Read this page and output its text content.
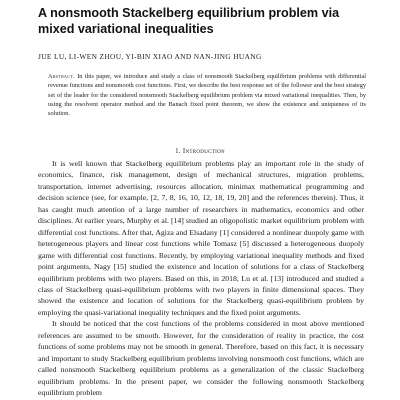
A nonsmooth Stackelberg equilibrium problem via mixed variational inequalities
JUE LU, LI-WEN ZHOU, YI-BIN XIAO AND NAN-JING HUANG
Abstract. In this paper, we introduce and study a class of nonsmooth Stackelberg equilibrium problems with differential revenue functions and nonsmooth cost functions. First, we describe the best response set of the follower and the best strategy set of the leader for the considered nonsmooth Stackelberg equilibrium problem via mixed variational inequalities. Then, by using the resolvent operator method and the Banach fixed point theorem, we show the existence and uniqueness of its solution.
1. Introduction

It is well known that Stackelberg equilibrium problems play an important role in the study of economics, finance, risk management, design of mechanical structures, migration problems, transportation, internet advertising, resources allocation, minimax mathematical programming and decision science (see, for example, [2, 7, 8, 16, 10, 12, 18, 19, 20] and the references therein). Thus, it has caught much attention of a large number of researchers in mathematics, economics and other disciplines. At earlier years, Murphy et al. [14] studied an oligopolistic market equilibrium problem with differential cost functions. After that, Agiza and Elsadany [1] considered a nonlinear duopoly game with heterogeneous players and linear cost functions while Tomasz [5] discussed a heterogeneous duopoly game with differential cost functions. Recently, by employing variational inequality methods and fixed point arguments, Nagy [15] studied the existence and location of solutions for a class of Stackelberg equilibrium problems with two players. Based on this, in 2018, Lu et al. [13] introduced and studied a class of Stackelberg quasi-equilibrium problems with two players in finite dimensional spaces. They showed the existence and location of solutions for the Stackelberg quasi-equilibrium problem by employing the quasi-variational inequality techniques and the fixed point arguments.

It should be noticed that the cost functions of the problems considered in most above mentioned references are assumed to be smooth. However, for the consideration of reality in practice, the cost functions of some problems may not be smooth in general. Therefore, based on this fact, it is necessary and important to study Stackelberg equilibrium problems involving nonsmooth cost functions, which are called nonsmooth Stackelberg equilibrium problems as a generalization of the classic Stackelberg equilibrium problems. In the present paper, we consider the following nonsmooth Stackelberg equilibrium problem
